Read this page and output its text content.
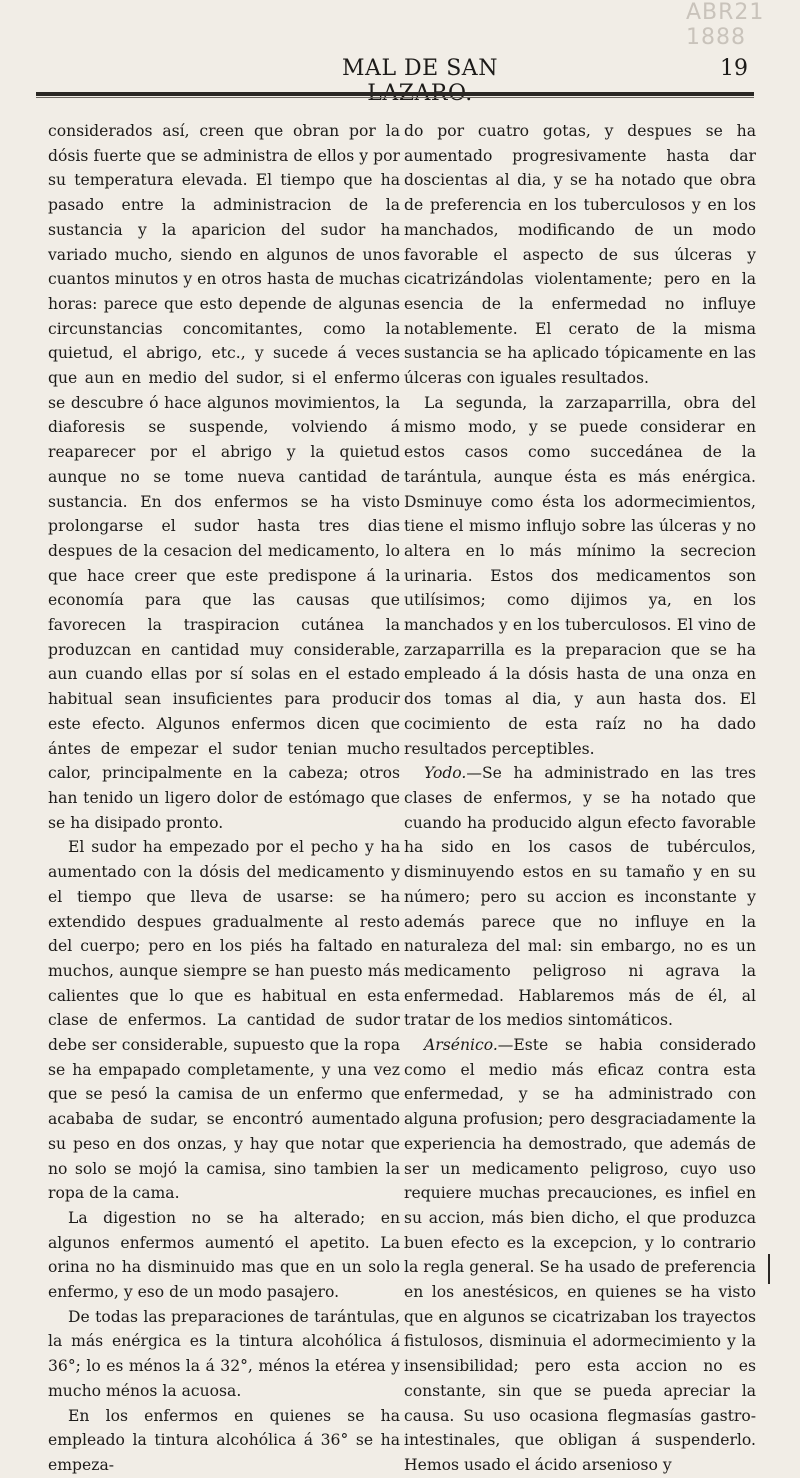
ABR21 1888
MAL DE SAN	19

considerados así, creen que obran por la dósis fuerte que se administra de ellos y por su temperatura elevada. El tiempo que ha pasado entre la administracion de la sustancia y la aparicion del sudor ha variado mucho, siendo en algunos de unos cuantos minutos y en otros hasta de muchas horas: parece que esto depende de algunas circunstancias concomitantes, como la quietud, el abrigo, etc., y sucede á veces que aun en medio del sudor, si el enfermo se descubre ó hace algunos movimientos, la diaforesis se suspende, volviendo á reaparecer por el abrigo y la quietud aunque no se tome nueva cantidad de sustancia. En dos enfermos se ha visto prolongarse el sudor hasta tres dias despues de la cesacion del medicamento, lo que hace creer que este predispone á la economía para que las causas que favorecen la traspiracion cutánea la produzcan en cantidad muy considerable, aun cuando ellas por sí solas en el estado habitual sean insuficientes para producir este efecto. Algunos enfermos dicen que ántes de empezar el sudor tenian mucho calor, principalmente en la cabeza; otros han tenido un ligero dolor de estómago que se ha disipado pronto.

El sudor ha empezado por el pecho y ha aumentado con la dósis del medicamento y el tiempo que lleva de usarse: se ha extendido despues gradualmente al resto del cuerpo; pero en los piés ha faltado en muchos, aunque siempre se han puesto más calientes que lo que es habitual en esta clase de enfermos. La cantidad de sudor debe ser considerable, supuesto que la ropa se ha empapado completamente, y una vez que se pesó la camisa de un enfermo que acababa de sudar, se encontró aumentado su peso en dos onzas, y hay que notar que no solo se mojó la camisa, sino tambien la ropa de la cama.

La digestion no se ha alterado; en algunos enfermos aumentó el apetito. La orina no ha disminuido mas que en un solo enfermo, y eso de un modo pasajero.

De todas las preparaciones de tarántulas, la más enérgica es la tintura alcohólica á 36°; lo es ménos la á 32°, ménos la etérea y mucho ménos la acuosa.

En los enfermos en quienes se ha empleado la tintura alcohólica á 36° se ha empeza-

do por cuatro gotas, y despues se ha aumentado progresivamente hasta dar doscientas al dia, y se ha notado que obra de preferencia en los tuberculosos y en los manchados, modificando de un modo favorable el aspecto de sus úlceras y cicatrizándolas violentamente; pero en la esencia de la enfermedad no influye notablemente. El cerato de la misma sustancia se ha aplicado tópicamente en las úlceras con iguales resultados.

La segunda, la zarzaparrilla, obra del mismo modo, y se puede considerar en estos casos como succedánea de la tarántula, aunque ésta es más enérgica. Dsminuye como ésta los adormecimientos, tiene el mismo influjo sobre las úlceras y no altera en lo más mínimo la secrecion urinaria. Estos dos medicamentos son utilísimos; como dijimos ya, en los manchados y en los tuberculosos. El vino de zarzaparrilla es la preparacion que se ha empleado á la dósis hasta de una onza en dos tomas al dia, y aun hasta dos. El cocimiento de esta raíz no ha dado resultados perceptibles.

Yodo.—Se ha administrado en las tres clases de enfermos, y se ha notado que cuando ha producido algun efecto favorable ha sido en los casos de tubérculos, disminuyendo estos en su tamaño y en su número; pero su accion es inconstante y además parece que no influye en la naturaleza del mal: sin embargo, no es un medicamento peligroso ni agrava la enfermedad. Hablaremos más de él, al tratar de los medios sintomáticos.

Arsénico.—Este se habia considerado como el medio más eficaz contra esta enfermedad, y se ha administrado con alguna profusion; pero desgraciadamente la experiencia ha demostrado, que además de ser un medicamento peligroso, cuyo uso requiere muchas precauciones, es infiel en su accion, más bien dicho, el que produzca buen efecto es la excepcion, y lo contrario la regla general. Se ha usado de preferencia en los anestésicos, en quienes se ha visto que en algunos se cicatrizaban los trayectos fistulosos, disminuia el adormecimiento y la insensibilidad; pero esta accion no es constante, sin que se pueda apreciar la causa. Su uso ocasiona flegmasías gastro-intestinales, que obligan á suspenderlo. Hemos usado el ácido arsenioso y
